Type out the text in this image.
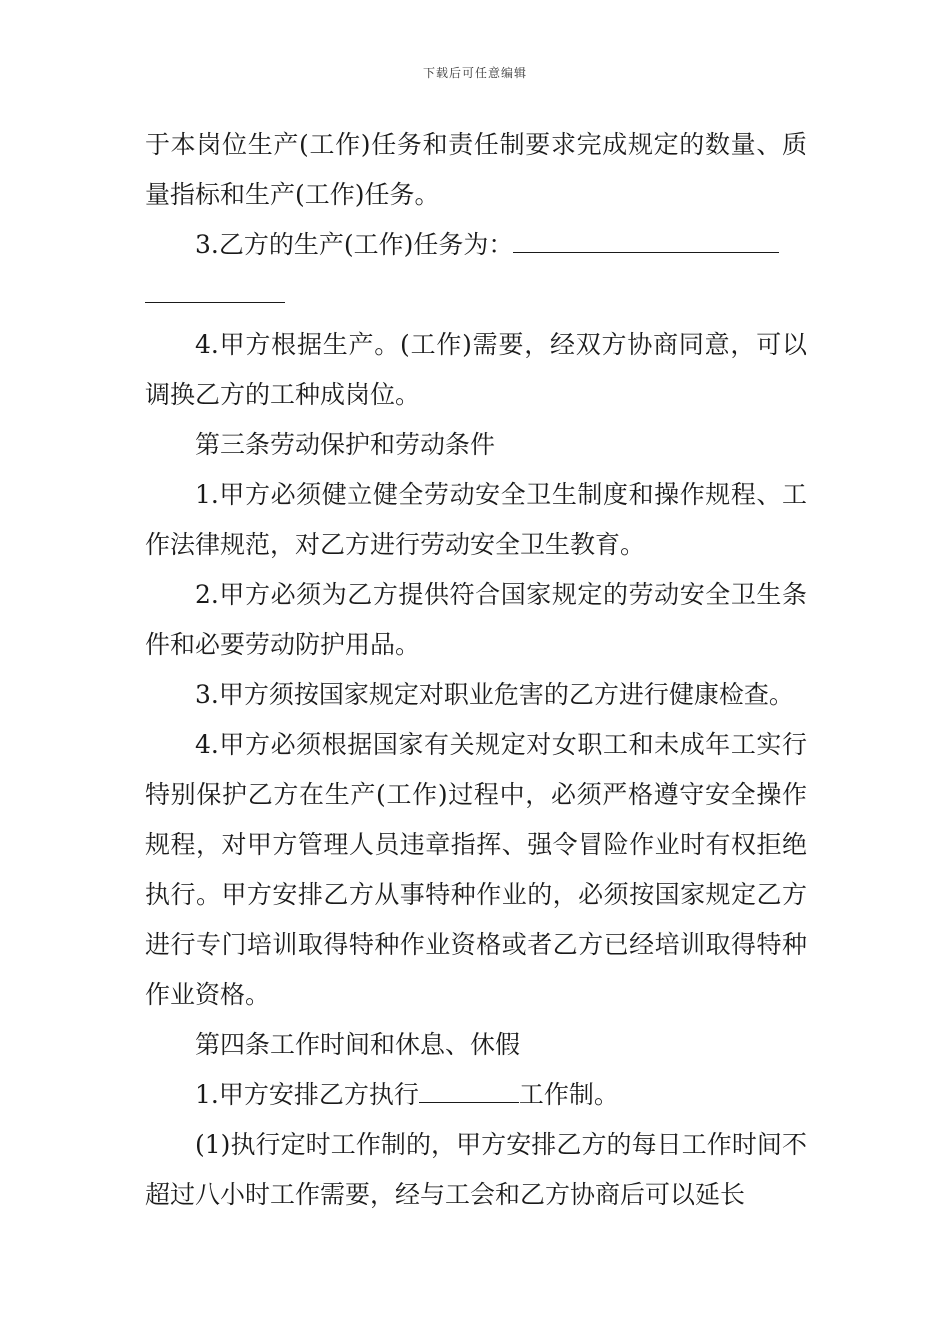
下载后可任意编辑

于本岗位生产(工作)任务和责任制要求完成规定的数量、质量指标和生产(工作)任务。

3.乙方的生产(工作)任务为：

4.甲方根据生产。(工作)需要，经双方协商同意，可以调换乙方的工种成岗位。

第三条劳动保护和劳动条件

1.甲方必须健立健全劳动安全卫生制度和操作规程、工作法律规范，对乙方进行劳动安全卫生教育。

2.甲方必须为乙方提供符合国家规定的劳动安全卫生条件和必要劳动防护用品。

3.甲方须按国家规定对职业危害的乙方进行健康检查。

4.甲方必须根据国家有关规定对女职工和未成年工实行特别保护乙方在生产(工作)过程中，必须严格遵守安全操作规程，对甲方管理人员违章指挥、强令冒险作业时有权拒绝执行。甲方安排乙方从事特种作业的，必须按国家规定乙方进行专门培训取得特种作业资格或者乙方已经培训取得特种作业资格。

第四条工作时间和休息、休假

1.甲方安排乙方执行	工作制。

(1)执行定时工作制的，甲方安排乙方的每日工作时间不超过八小时工作需要，经与工会和乙方协商后可以延长
